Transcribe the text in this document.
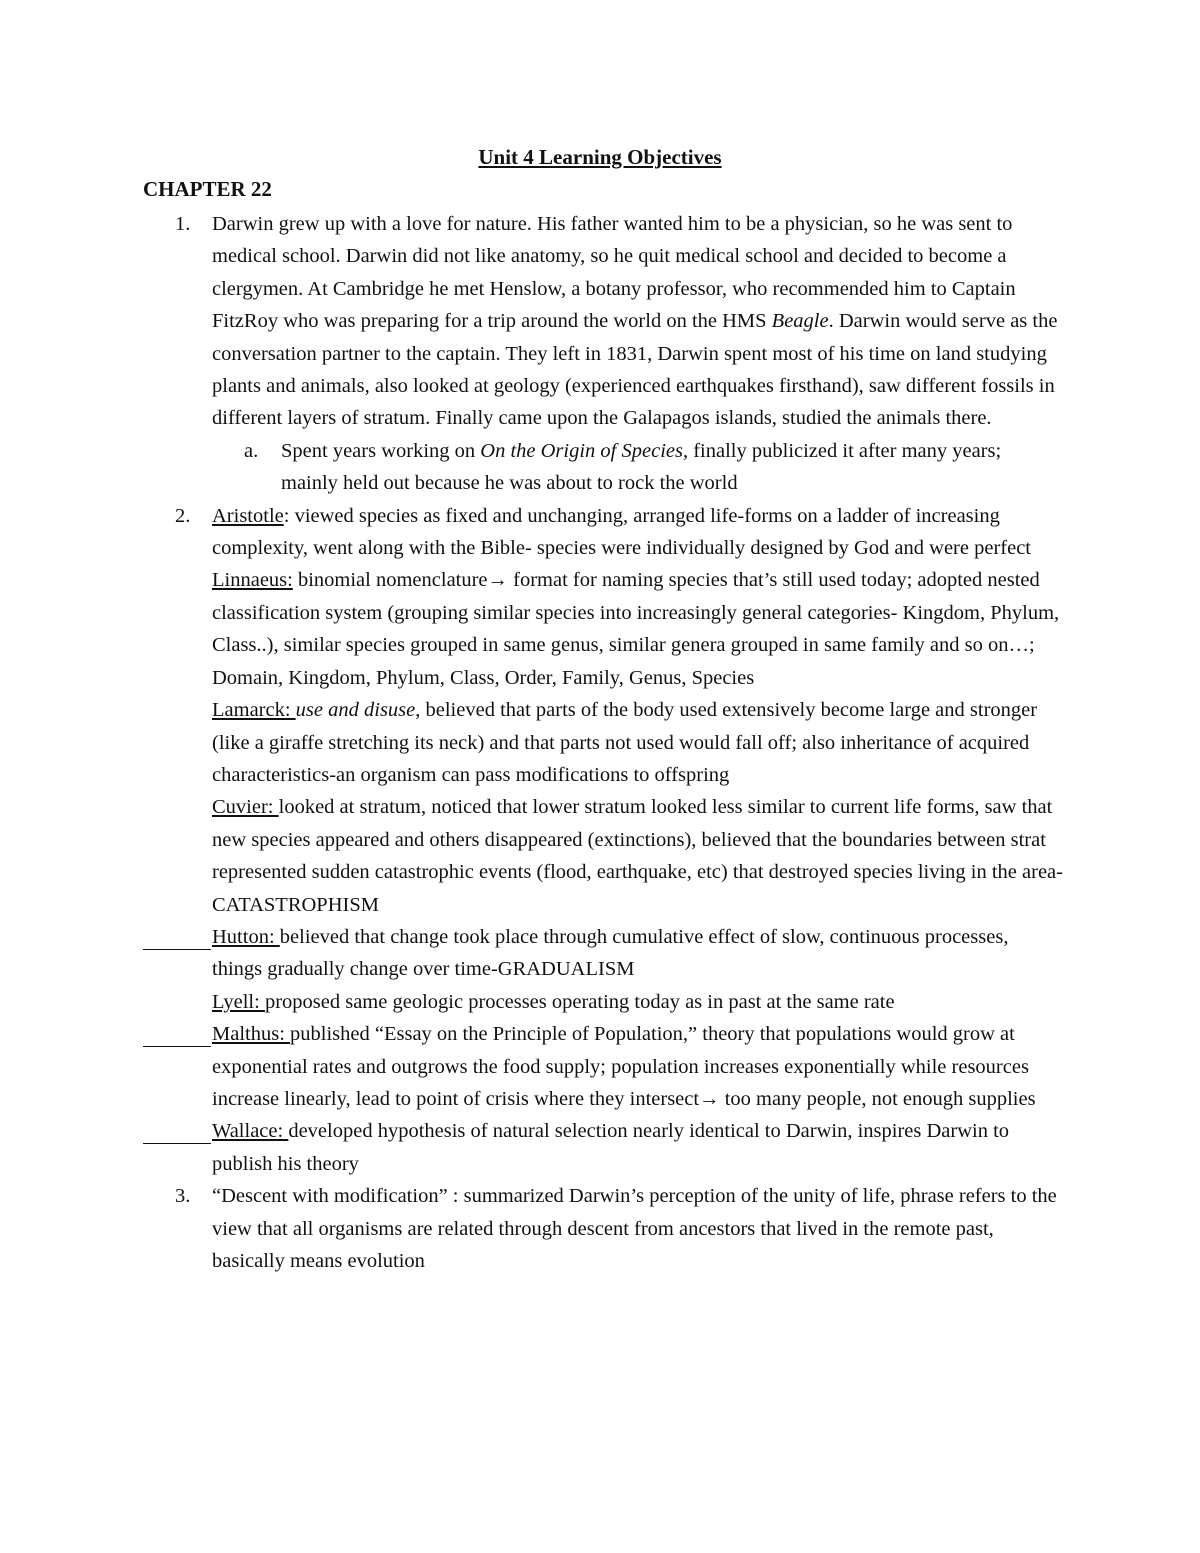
Unit 4 Learning Objectives
CHAPTER 22
1. Darwin grew up with a love for nature. His father wanted him to be a physician, so he was sent to medical school. Darwin did not like anatomy, so he quit medical school and decided to become a clergymen. At Cambridge he met Henslow, a botany professor, who recommended him to Captain FitzRoy who was preparing for a trip around the world on the HMS Beagle. Darwin would serve as the conversation partner to the captain. They left in 1831, Darwin spent most of his time on land studying plants and animals, also looked at geology (experienced earthquakes firsthand), saw different fossils in different layers of stratum. Finally came upon the Galapagos islands, studied the animals there.
a. Spent years working on On the Origin of Species, finally publicized it after many years; mainly held out because he was about to rock the world
2. Aristotle: viewed species as fixed and unchanging, arranged life-forms on a ladder of increasing complexity, went along with the Bible- species were individually designed by God and were perfect
Linnaeus: binomial nomenclature→ format for naming species that’s still used today; adopted nested classification system (grouping similar species into increasingly general categories- Kingdom, Phylum, Class..), similar species grouped in same genus, similar genera grouped in same family and so on…; Domain, Kingdom, Phylum, Class, Order, Family, Genus, Species
Lamarck: use and disuse, believed that parts of the body used extensively become large and stronger (like a giraffe stretching its neck) and that parts not used would fall off; also inheritance of acquired characteristics-an organism can pass modifications to offspring
Cuvier: looked at stratum, noticed that lower stratum looked less similar to current life forms, saw that new species appeared and others disappeared (extinctions), believed that the boundaries between strat represented sudden catastrophic events (flood, earthquake, etc) that destroyed species living in the area-CATASTROPHISM
Hutton: believed that change took place through cumulative effect of slow, continuous processes, things gradually change over time-GRADUALISM
Lyell: proposed same geologic processes operating today as in past at the same rate
Malthus: published “Essay on the Principle of Population,” theory that populations would grow at exponential rates and outgrows the food supply; population increases exponentially while resources increase linearly, lead to point of crisis where they intersect→ too many people, not enough supplies
Wallace: developed hypothesis of natural selection nearly identical to Darwin, inspires Darwin to publish his theory
3. “Descent with modification” : summarized Darwin’s perception of the unity of life, phrase refers to the view that all organisms are related through descent from ancestors that lived in the remote past, basically means evolution
